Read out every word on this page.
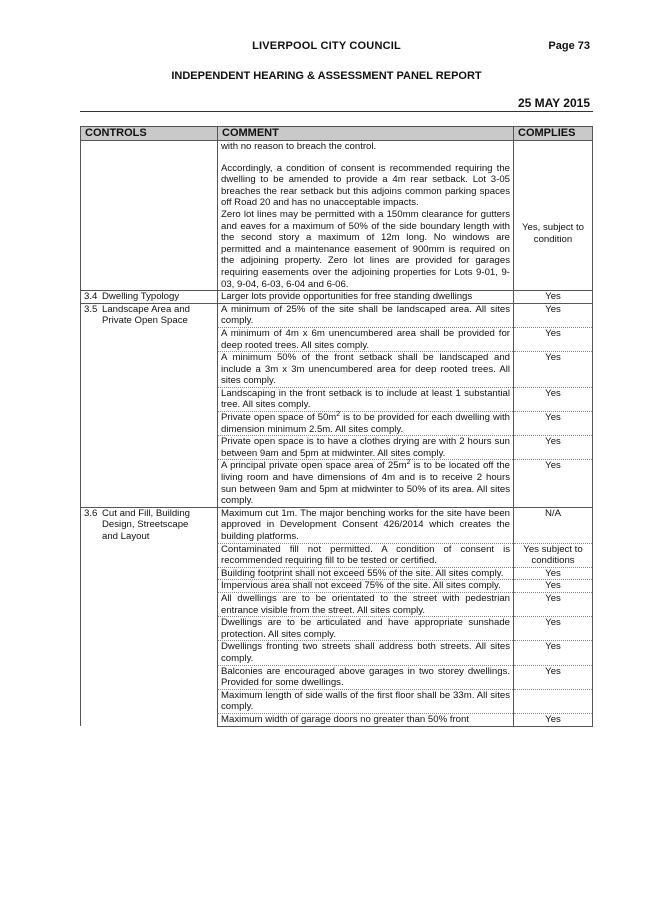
LIVERPOOL CITY COUNCIL	Page 73
INDEPENDENT HEARING & ASSESSMENT PANEL REPORT
25 MAY 2015
CONTROLS	COMMENT	COMPLIES

	with no reason to breach the control.
Accordingly, a condition of consent is recommended requiring the dwelling to be amended to provide a 4m rear setback. Lot 3-05 breaches the rear setback but this adjoins common parking spaces off Road 20 and has no unacceptable impacts.
Zero lot lines may be permitted with a 150mm clearance for gutters and eaves for a maximum of 50% of the side boundary length with the second story a maximum of 12m long. No windows are permitted and a maintenance easement of 900mm is required on the adjoining property. Zero lot lines are provided for garages requiring easements over the adjoining properties for Lots 9-01, 9-03, 9-04, 6-03, 6-04 and 6-06.	Yes, subject to condition

3.4 Dwelling Typology	Larger lots provide opportunities for free standing dwellings	Yes
3.5 Landscape Area and Private Open Space	A minimum of 25% of the site shall be landscaped area. All sites comply.	Yes
	A minimum of 4m x 6m unencumbered area shall be provided for deep rooted trees. All sites comply.	Yes
	A minimum 50% of the front setback shall be landscaped and include a 3m x 3m unencumbered area for deep rooted trees. All sites comply.	Yes
	Landscaping in the front setback is to include at least 1 substantial tree. All sites comply.	Yes
	Private open space of $50m^2$ is to be provided for each dwelling with dimension minimum 2.5m. All sites comply.	Yes
	Private open space is to have a clothes drying are with 2 hours sun between 9am and 5pm at midwinter. All sites comply.	Yes
	A principal private open space area of $25m^2$ is to be located off the living room and have dimensions of 4m and is to receive 2 hours sun between 9am and 5pm at midwinter to 50% of its area. All sites comply.	Yes
3.6 Cut and Fill, Building Design, Streetscape and Layout	Maximum cut 1m. The major benching works for the site have been approved in Development Consent 426/2014 which creates the building platforms.	N/A
	Contaminated fill not permitted. A condition of consent is recommended requiring fill to be tested or certified.	Yes subject to conditions
	Building footprint shall not exceed 55% of the site. All sites comply.	Yes
	Impervious area shall not exceed 75% of the site. All sites comply.	Yes
	All dwellings are to be orientated to the street with pedestrian entrance visible from the street. All sites comply.	Yes
	Dwellings are to be articulated and have appropriate sunshade protection. All sites comply.	Yes
	Dwellings fronting two streets shall address both streets. All sites comply.	Yes
	Balconies are encouraged above garages in two storey dwellings. Provided for some dwellings.	Yes
	Maximum length of side walls of the first floor shall be 33m. All sites comply.	
	Maximum width of garage doors no greater than 50% front	Yes
